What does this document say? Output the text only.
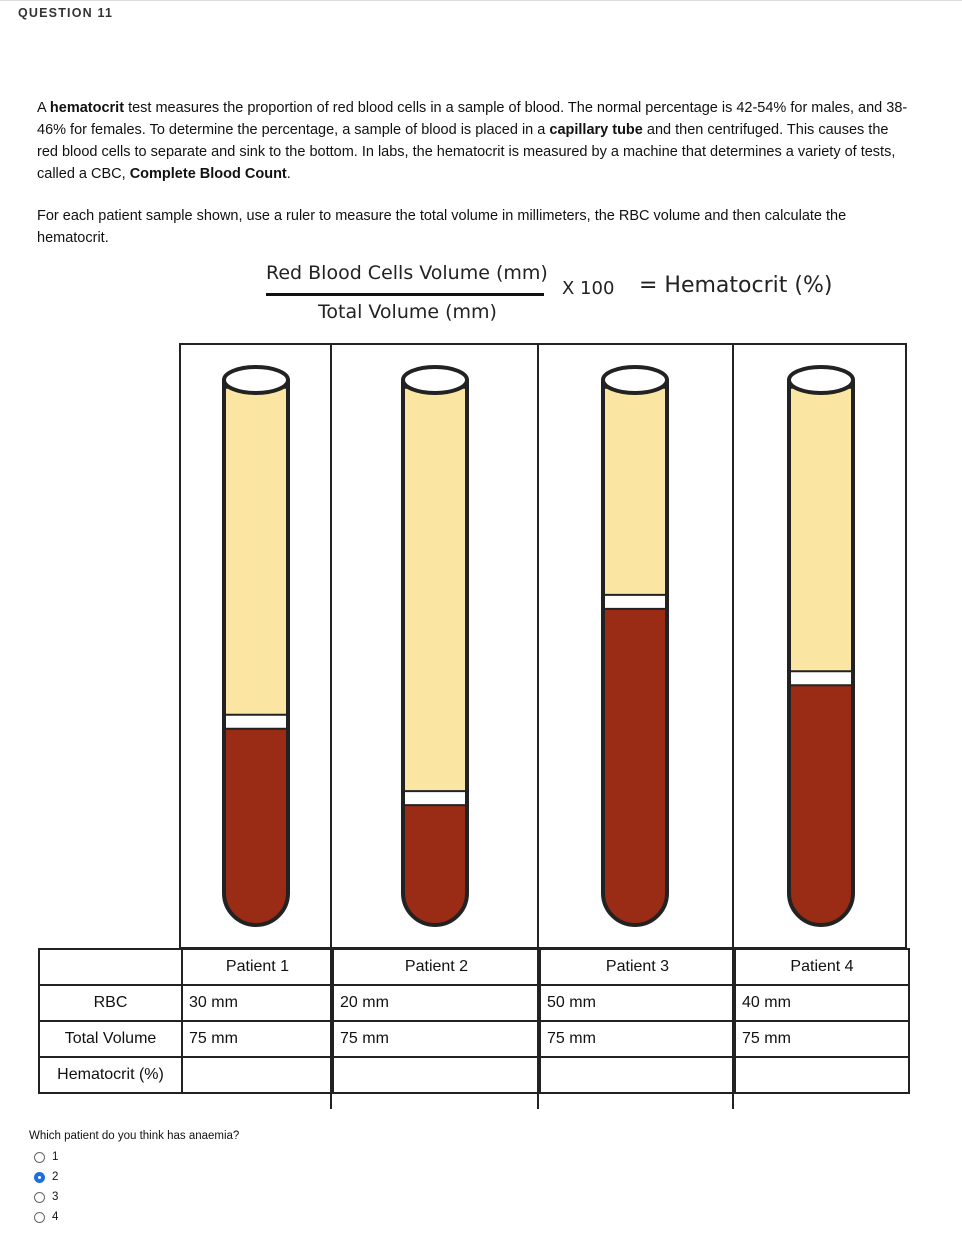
QUESTION 11
A hematocrit test measures the proportion of red blood cells in a sample of blood. The normal percentage is 42-54% for males, and 38-46% for females. To determine the percentage, a sample of blood is placed in a capillary tube and then centrifuged. This causes the red blood cells to separate and sink to the bottom. In labs, the hematocrit is measured by a machine that determines a variety of tests, called a CBC, Complete Blood Count.
For each patient sample shown, use a ruler to measure the total volume in millimeters, the RBC volume and then calculate the hematocrit.
Red Blood Cells Volume (mm)
Total Volume (mm)
X 100 = Hematocrit (%)
	Patient 1	Patient 2	Patient 3	Patient 4
RBC	30 mm	20 mm	50 mm	40 mm
Total Volume	75 mm	75 mm	75 mm	75 mm
Hematocrit (%)				
Which patient do you think has anaemia?
1
2
3
4
